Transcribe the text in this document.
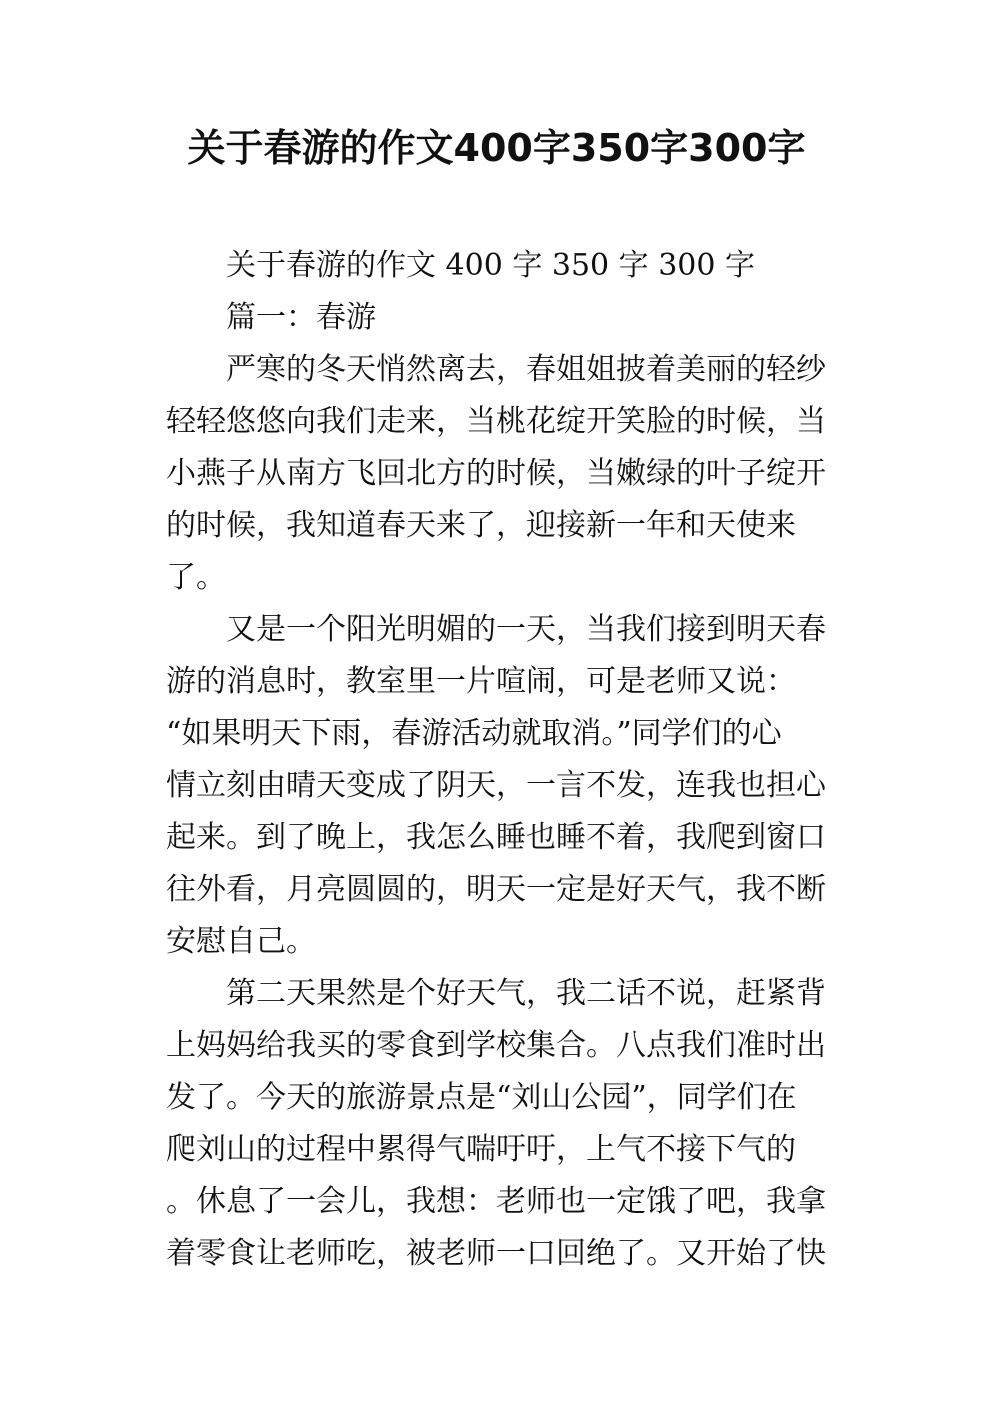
关于春游的作文400字350字300字
关于春游的作文 400 字 350 字 300 字
篇一：春游
严寒的冬天悄然离去，春姐姐披着美丽的轻纱
轻轻悠悠向我们走来，当桃花绽开笑脸的时候，当
小燕子从南方飞回北方的时候，当嫩绿的叶子绽开
的时候，我知道春天来了，迎接新一年和天使来
了。
又是一个阳光明媚的一天，当我们接到明天春
游的消息时，教室里一片喧闹，可是老师又说：
“如果明天下雨，春游活动就取消。”同学们的心
情立刻由晴天变成了阴天，一言不发，连我也担心
起来。到了晚上，我怎么睡也睡不着，我爬到窗口
往外看，月亮圆圆的，明天一定是好天气，我不断
安慰自己。
第二天果然是个好天气，我二话不说，赶紧背
上妈妈给我买的零食到学校集合。八点我们准时出
发了。今天的旅游景点是“刘山公园”，同学们在
爬刘山的过程中累得气喘吁吁，上气不接下气的
。休息了一会儿，我想：老师也一定饿了吧，我拿
着零食让老师吃，被老师一口回绝了。又开始了快
